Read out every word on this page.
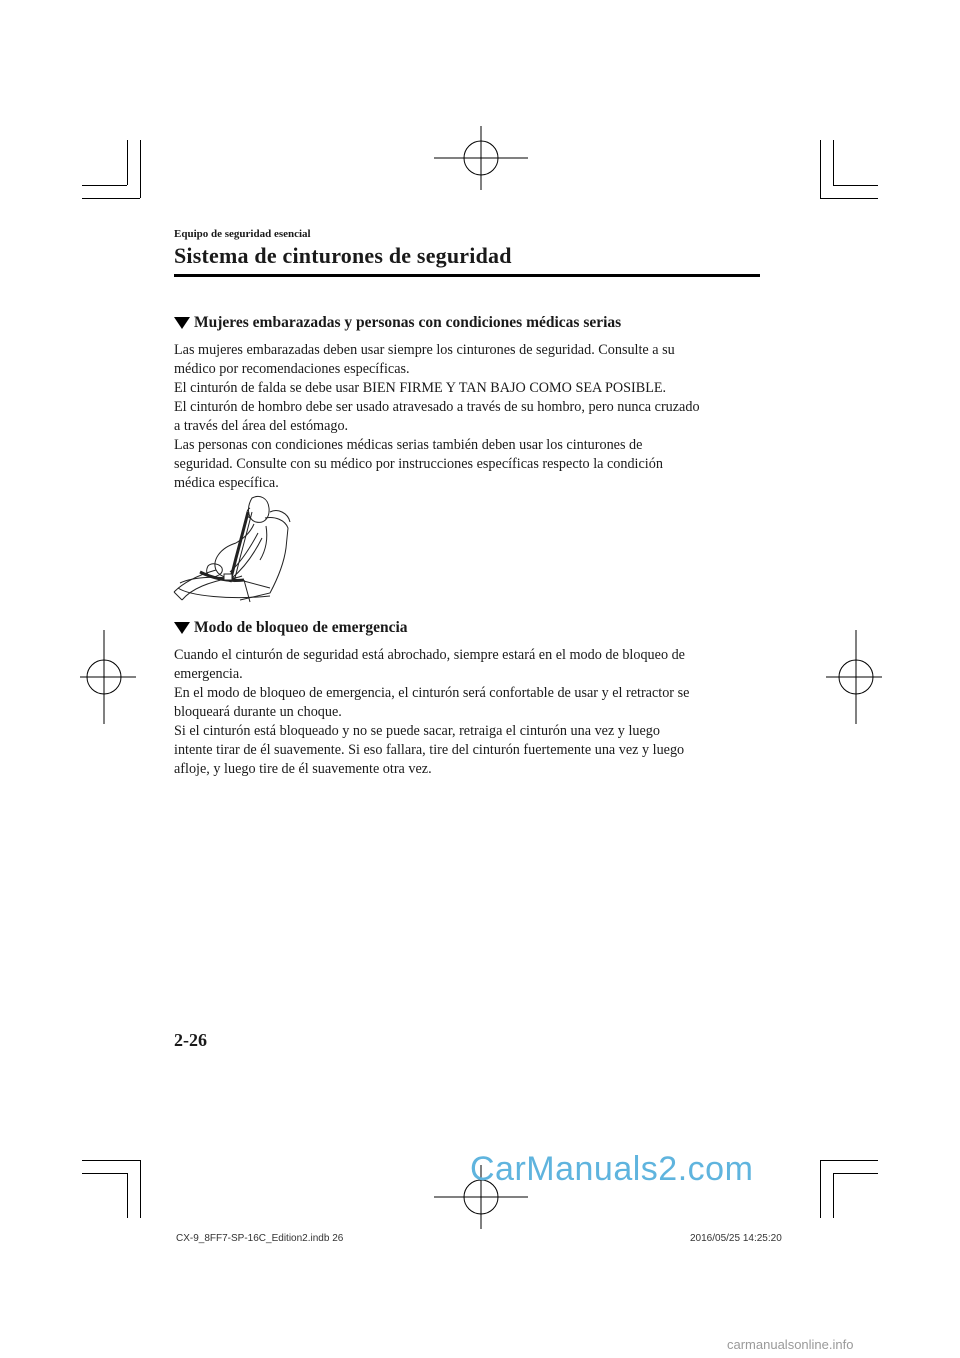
Equipo de seguridad esencial
Sistema de cinturones de seguridad
Mujeres embarazadas y personas con condiciones médicas serias
Las mujeres embarazadas deben usar siempre los cinturones de seguridad. Consulte a su
médico por recomendaciones específicas.
El cinturón de falda se debe usar BIEN FIRME Y TAN BAJO COMO SEA POSIBLE.
El cinturón de hombro debe ser usado atravesado a través de su hombro, pero nunca cruzado
a través del área del estómago.
Las personas con condiciones médicas serias también deben usar los cinturones de
seguridad. Consulte con su médico por instrucciones específicas respecto la condición
médica específica.
Modo de bloqueo de emergencia
Cuando el cinturón de seguridad está abrochado, siempre estará en el modo de bloqueo de
emergencia.
En el modo de bloqueo de emergencia, el cinturón será confortable de usar y el retractor se
bloqueará durante un choque.
Si el cinturón está bloqueado y no se puede sacar, retraiga el cinturón una vez y luego
intente tirar de él suavemente. Si eso fallara, tire del cinturón fuertemente una vez y luego
afloje, y luego tire de él suavemente otra vez.
2-26
CX-9_8FF7-SP-16C_Edition2.indb 26	2016/05/25 14:25:20
CarManuals2.com
carmanualsonline.info
